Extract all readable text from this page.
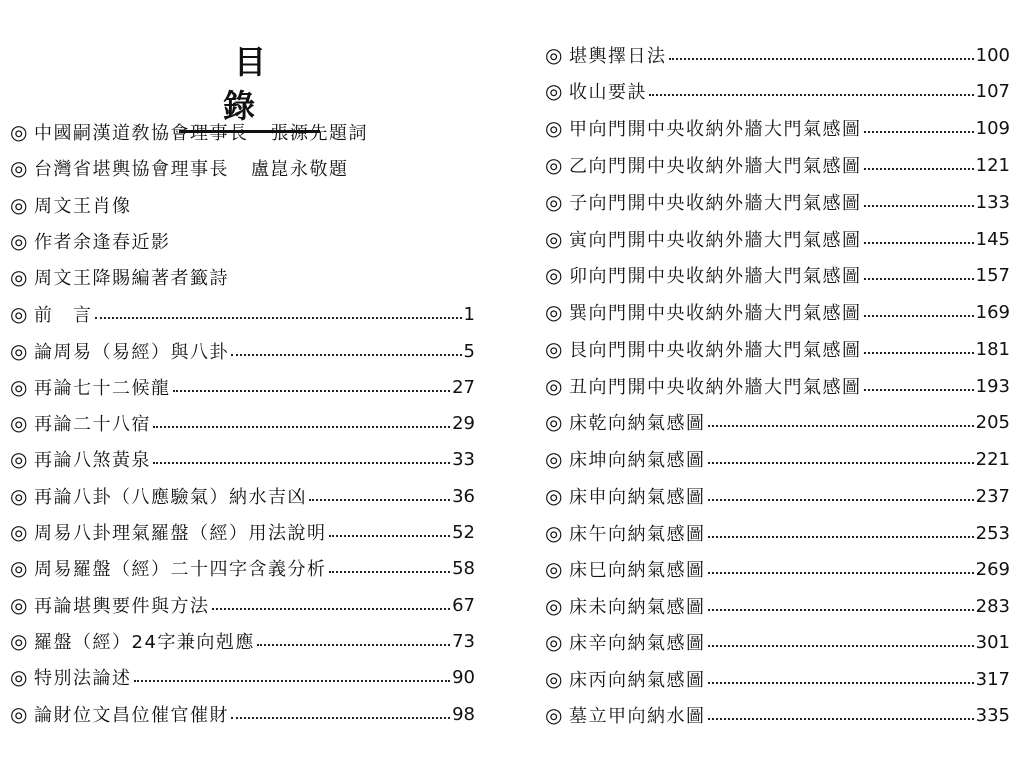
目 錄
◎ 中國嗣漢道敎協會理事長 張源先題詞
◎ 台灣省堪輿協會理事長 盧崑永敬題
◎ 周文王肖像
◎ 作者余逢春近影
◎ 周文王降賜編著者籤詩
◎ 前　言	1
◎ 論周易（易經）與八卦	5
◎ 再論七十二候龍	27
◎ 再論二十八宿	29
◎ 再論八煞黃泉	33
◎ 再論八卦（八應驗氣）納水吉凶	36
◎ 周易八卦理氣羅盤（經）用法說明	52
◎ 周易羅盤（經）二十四字含義分析	58
◎ 再論堪輿要件與方法	67
◎ 羅盤（經）24字兼向剋應	73
◎ 特別法論述	90
◎ 論財位文昌位催官催財	98
◎ 堪輿擇日法	100
◎ 收山要訣	107
◎ 甲向門開中央收納外牆大門氣感圖	109
◎ 乙向門開中央收納外牆大門氣感圖	121
◎ 子向門開中央收納外牆大門氣感圖	133
◎ 寅向門開中央收納外牆大門氣感圖	145
◎ 卯向門開中央收納外牆大門氣感圖	157
◎ 巽向門開中央收納外牆大門氣感圖	169
◎ 艮向門開中央收納外牆大門氣感圖	181
◎ 丑向門開中央收納外牆大門氣感圖	193
◎ 床乾向納氣感圖	205
◎ 床坤向納氣感圖	221
◎ 床申向納氣感圖	237
◎ 床午向納氣感圖	253
◎ 床巳向納氣感圖	269
◎ 床未向納氣感圖	283
◎ 床辛向納氣感圖	301
◎ 床丙向納氣感圖	317
◎ 墓立甲向納水圖	335
